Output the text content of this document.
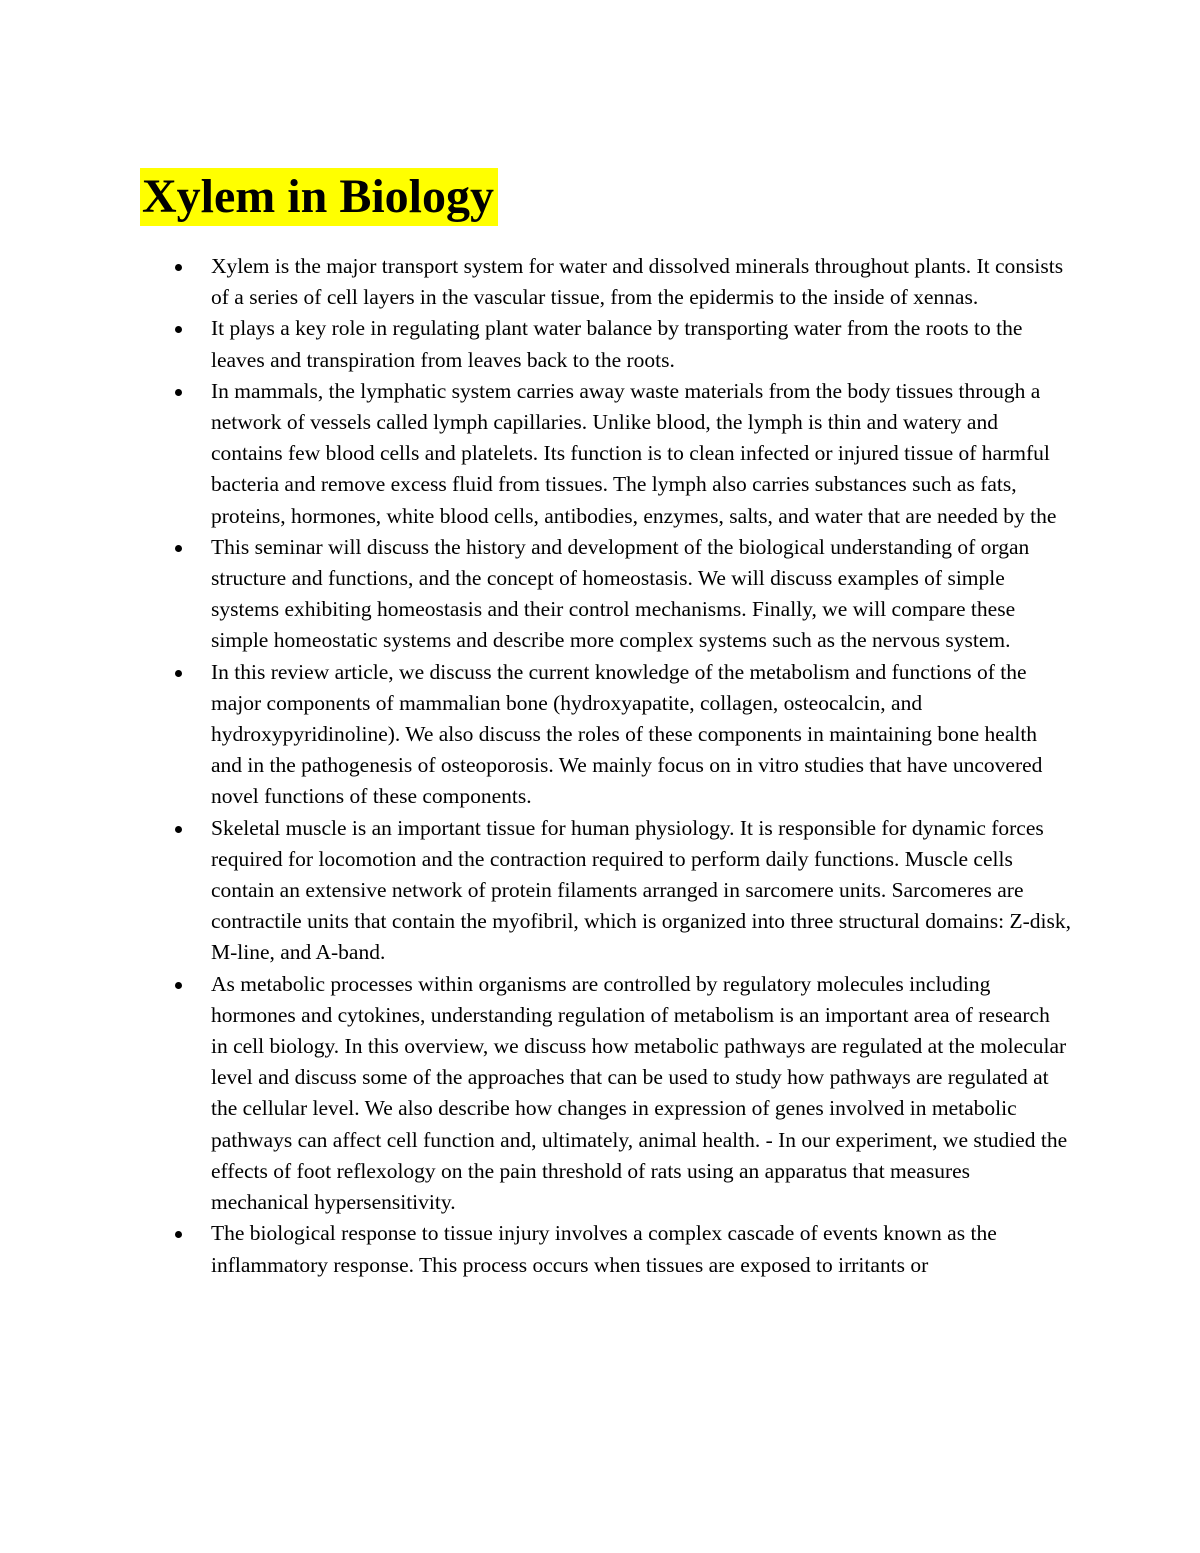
Xylem in Biology
Xylem is the major transport system for water and dissolved minerals throughout plants. It consists of a series of cell layers in the vascular tissue, from the epidermis to the inside of xennas.
It plays a key role in regulating plant water balance by transporting water from the roots to the leaves and transpiration from leaves back to the roots.
In mammals, the lymphatic system carries away waste materials from the body tissues through a network of vessels called lymph capillaries. Unlike blood, the lymph is thin and watery and contains few blood cells and platelets. Its function is to clean infected or injured tissue of harmful bacteria and remove excess fluid from tissues. The lymph also carries substances such as fats, proteins, hormones, white blood cells, antibodies, enzymes, salts, and water that are needed by the
This seminar will discuss the history and development of the biological understanding of organ structure and functions, and the concept of homeostasis. We will discuss examples of simple systems exhibiting homeostasis and their control mechanisms. Finally, we will compare these simple homeostatic systems and describe more complex systems such as the nervous system.
In this review article, we discuss the current knowledge of the metabolism and functions of the major components of mammalian bone (hydroxyapatite, collagen, osteocalcin, and hydroxypyridinoline). We also discuss the roles of these components in maintaining bone health and in the pathogenesis of osteoporosis. We mainly focus on in vitro studies that have uncovered novel functions of these components.
Skeletal muscle is an important tissue for human physiology. It is responsible for dynamic forces required for locomotion and the contraction required to perform daily functions. Muscle cells contain an extensive network of protein filaments arranged in sarcomere units. Sarcomeres are contractile units that contain the myofibril, which is organized into three structural domains: Z-disk, M-line, and A-band.
As metabolic processes within organisms are controlled by regulatory molecules including hormones and cytokines, understanding regulation of metabolism is an important area of research in cell biology. In this overview, we discuss how metabolic pathways are regulated at the molecular level and discuss some of the approaches that can be used to study how pathways are regulated at the cellular level. We also describe how changes in expression of genes involved in metabolic pathways can affect cell function and, ultimately, animal health. - In our experiment, we studied the effects of foot reflexology on the pain threshold of rats using an apparatus that measures mechanical hypersensitivity.
The biological response to tissue injury involves a complex cascade of events known as the inflammatory response. This process occurs when tissues are exposed to irritants or
